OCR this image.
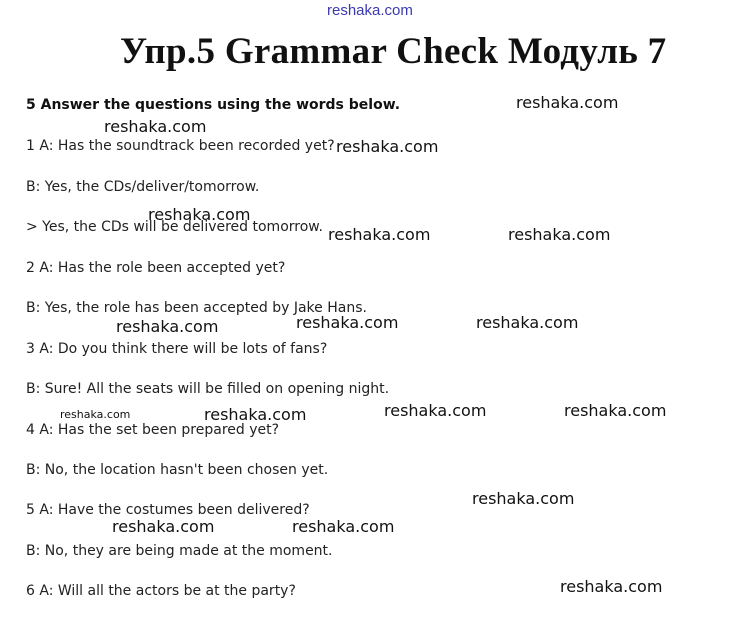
reshaka.com
Упр.5 Grammar Check Модуль 7
5 Answer the questions using the words below.
1 A: Has the soundtrack been recorded yet?
B: Yes, the CDs/deliver/tomorrow.
> Yes, the CDs will be delivered tomorrow.
2 A: Has the role been accepted yet?
B: Yes, the role has been accepted by Jake Hans.
3 A: Do you think there will be lots of fans?
B: Sure! All the seats will be filled on opening night.
4 A: Has the set been prepared yet?
B: No, the location hasn't been chosen yet.
5 A: Have the costumes been delivered?
B: No, they are being made at the moment.
6 A: Will all the actors be at the party?
reshaka.com
reshaka.com
reshaka.com
reshaka.com
reshaka.com	reshaka.com
reshaka.com	reshaka.com	reshaka.com
reshaka.com	reshaka.com	reshaka.com	reshaka.com
reshaka.com
reshaka.com	reshaka.com
reshaka.com
